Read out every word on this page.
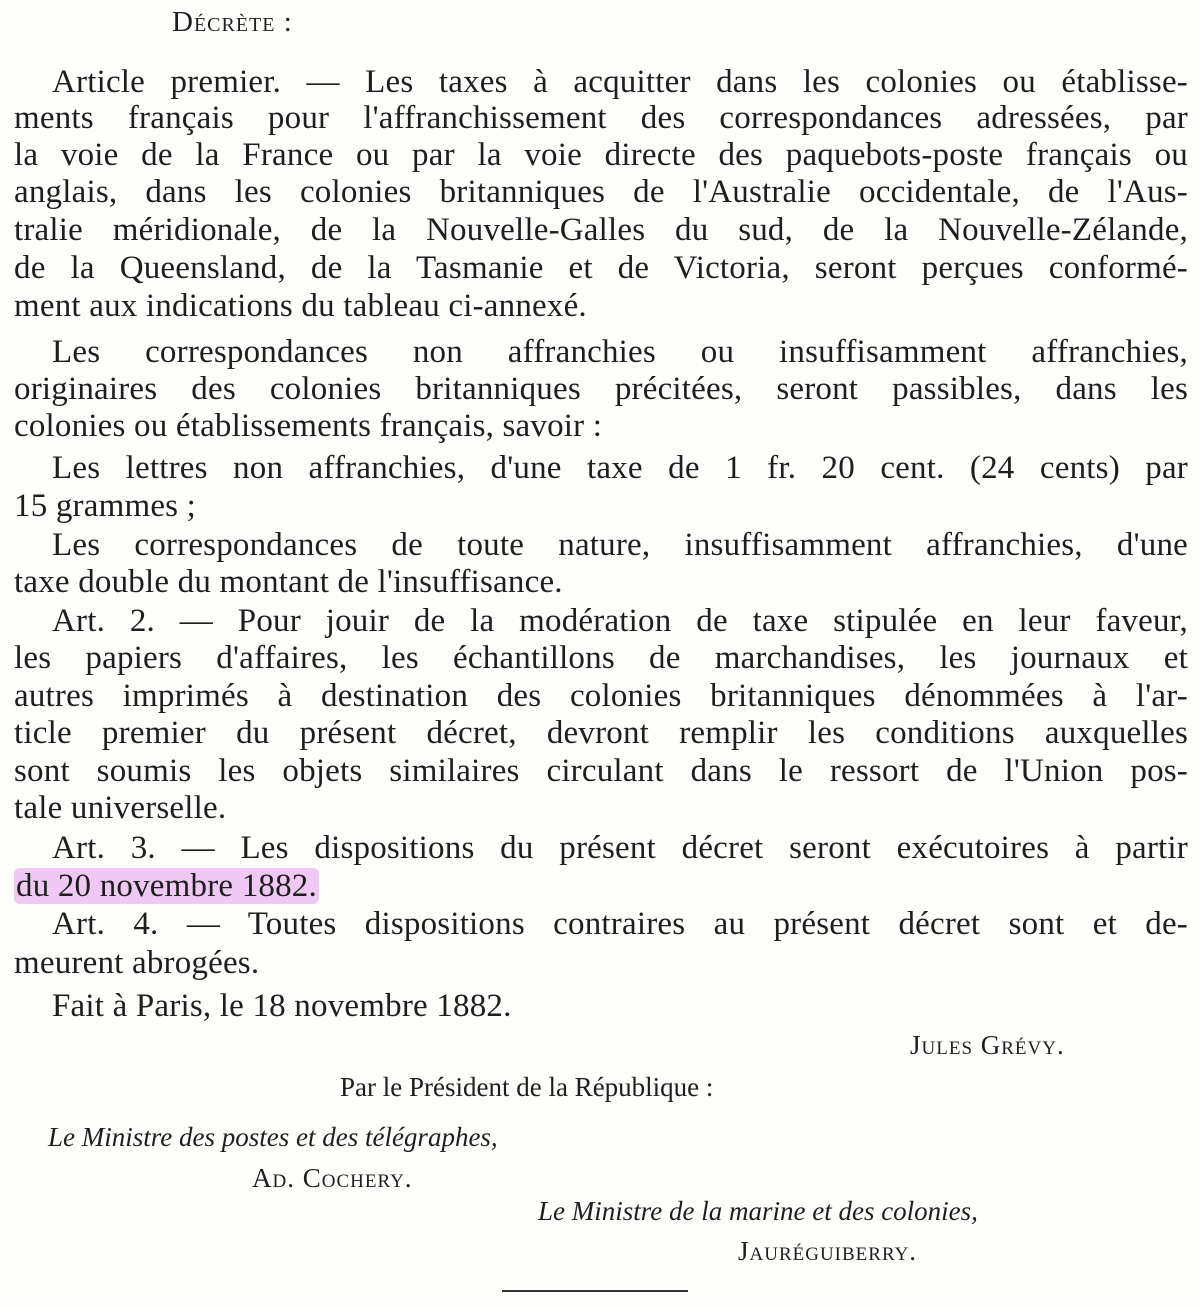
Décrète :

Article premier. — Les taxes à acquitter dans les colonies ou établisse-

ments français pour l'affranchissement des correspondances adressées, par

la voie de la France ou par la voie directe des paquebots-poste français ou

anglais, dans les colonies britanniques de l'Australie occidentale, de l'Aus-

tralie méridionale, de la Nouvelle-Galles du sud, de la Nouvelle-Zélande,

de la Queensland, de la Tasmanie et de Victoria, seront perçues conformé-

ment aux indications du tableau ci-annexé.

Les correspondances non affranchies ou insuffisamment affranchies,

originaires des colonies britanniques précitées, seront passibles, dans les

colonies ou établissements français, savoir :

Les lettres non affranchies, d'une taxe de 1 fr. 20 cent. (24 cents) par

15 grammes ;

Les correspondances de toute nature, insuffisamment affranchies, d'une

taxe double du montant de l'insuffisance.

Art. 2. — Pour jouir de la modération de taxe stipulée en leur faveur,

les papiers d'affaires, les échantillons de marchandises, les journaux et

autres imprimés à destination des colonies britanniques dénommées à l'ar-

ticle premier du présent décret, devront remplir les conditions auxquelles

sont soumis les objets similaires circulant dans le ressort de l'Union pos-

tale universelle.

Art. 3. — Les dispositions du présent décret seront exécutoires à partir

du 20 novembre 1882.

Art. 4. — Toutes dispositions contraires au présent décret sont et de-

meurent abrogées.

Fait à Paris, le 18 novembre 1882.

Jules Grévy.

Par le Président de la République :

Le Ministre des postes et des télégraphes,

Ad. Cochery.

Le Ministre de la marine et des colonies,

Jauréguiberry.
